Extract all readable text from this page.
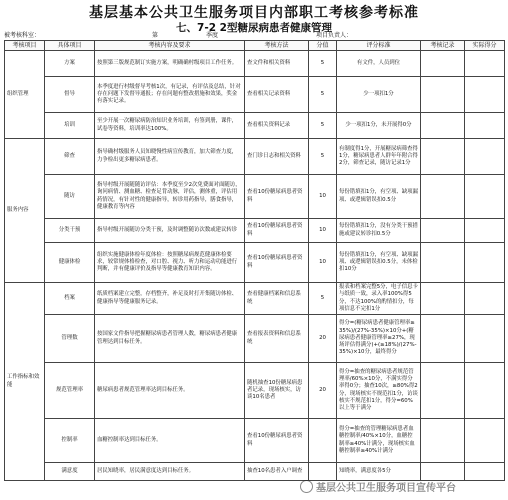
基层基本公共卫生服务项目内部职工考核参考标准
七、7-2 2型糖尿病患者健康管理
被考核科室：	第	季度	项目负责人：
考核项目	具体项目	考核内容及要求	考核方法	分值	评分标准	考核记录	实际得分
组织管理	方案	按照第三版规范制订实施方案，明确确村级项目工作任务。	查文件和相关资料	5	有文件，人员到位		
	督导	本季度进行村级督导考核1次，有记录，有评估及总结，针对存在问题下发督导通报；存在问题有整改措施和效果，奖金有落实记录。	查看相关记录资料	5	少一项扣1分		
	培训	至少开展一次糖尿病防治知识业务培训，有签到册，课件，试卷等资料，培训率达100%。	查看相关资料记录	5	少一项扣1分，未开展得0分		
服务内容	筛查	指导确村级服务人员知晓慢性病宣传教育，加大筛查力度，力争检出更多糖尿病患者。	查门诊日志和相关资料	5	有制度得1分，开展糖尿病筛查得1分，糖尿病患者人群年年附合得2分，筛查记录，随访记录1分		
	随访	指导村级开展随随访评估：本季度至少2次免费面对面随访，询问病情、测血糖、检查足背动脉，评估，测体重，评估用药情况，有针对性的健康指导，转诊用药指导，膳食指导，健康教育等内容	查看10份糖尿病患者资料	10	每份错填扣1分，有空项、缺项漏项、或逻辑错误扣0.5分		
	分类干预	指导村级开展随访分类干预，及时调整随访次数或建议转诊	查看10份糖尿病患者资料	10	每份错填扣1分，没有分类干预措施或建议转诊扣0.5分		
	健康体检	组织实施健康体检年度体检：按照糖尿病规范健康体检要求，较常规体格检查，对口腔、视力、听力和运动功能进行判断，并有健康评价及指导等健康教育知识内容。	查看10份糖尿病患者资料	10	每份错填扣1分，有空项、缺项漏项、或逻辑错误扣0.5分，未体检扣10分		
工作指标和效能	档案	纸质档案建立完整，存档整齐，补足及时打开集随访体检、健康指导等健康服务记录。	查看健康档案和信息系统	5	报表和档案完整5分，电子信息卡与纸质一致，录入率100%得5分，不达100%的酌情扣分，每项信息不完扣1分		
	管理数	按国家文件指导把握糖尿病患者管理人数，糖尿病患者健康管理达到目标任务。	查看报表资料和信息系统	20	得分=(糖尿病患者健康管理率≥35%)/(27%-35%)×10分+(糖尿病患者健康管理率≥27%，现场评估得满分)+(≥18%)/(27%-35%)×10分，最终得分		
	规范管理率	糖尿病患者规范管理率达到目标任务。	随机抽查10份糖尿病患者记录，现场核实，访谈10名患者	20	得分=抽查的糖尿病患者规范管理率/60%×10分，不满实得分率得0分；抽查10次，≥80%得2分，现场核实不规范扣1分，访谈核实不规范扣1分，得分=60%以上等于满分		
	控制率	血糖控制率达到目标任务。	查看10份糖尿病患者资料		得分=抽查的管理糖尿病患者血糖控制率/40%×10分，血糖控制率≥40%计满分，现场核实血糖控制率≥40%计满分		
	满意度	居民知晓率，居民满意度达到目标任务。	抽查10名患者入户调查		知晓率，满意度各5分		
基层公共卫生服务项目宣传平台
